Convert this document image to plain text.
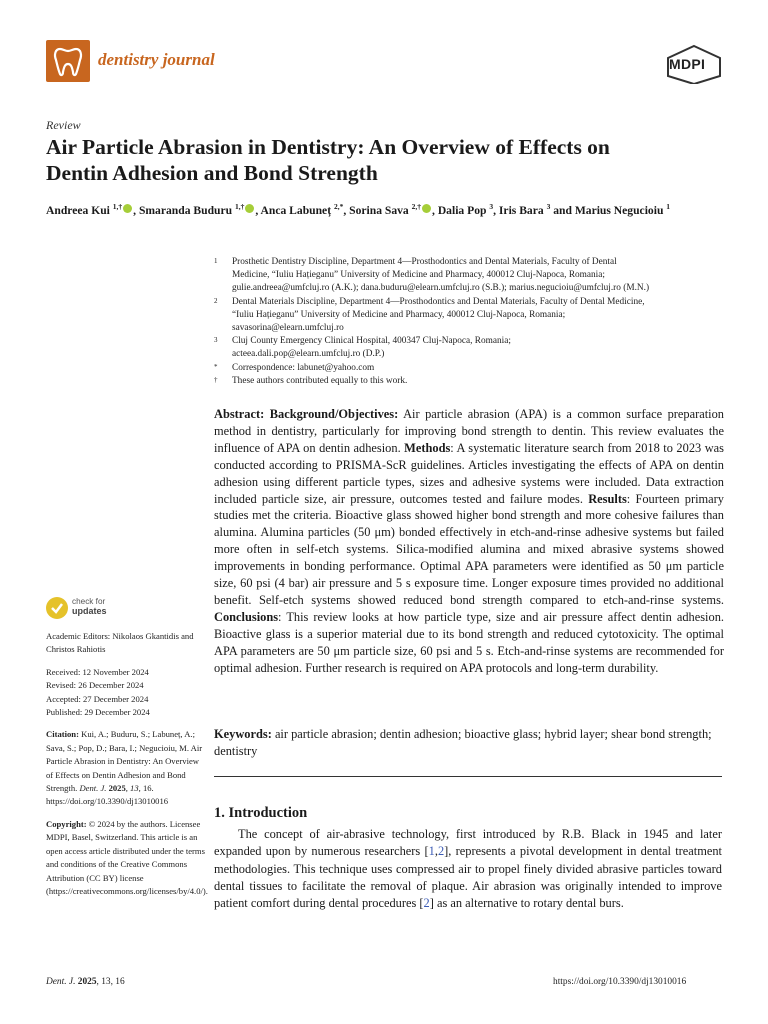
dentistry journal	MDPI
Review
Air Particle Abrasion in Dentistry: An Overview of Effects on
Dentin Adhesion and Bond Strength
Andreea Kui $^{1,\dagger}$ , Smaranda Buduru $^{1,\dagger}$ , Anca Labuneț $^{2,*}$, Sorina Sava $^{2,\dagger}$ , Dalia Pop $^3$, Iris Bara $^3$ and Marius Negucioiu $^1$
1 Prosthetic Dentistry Discipline, Department 4—Prosthodontics and Dental Materials, Faculty of Dental
Medicine, “Iuliu Hațieganu” University of Medicine and Pharmacy, 400012 Cluj-Napoca, Romania;
gulie.andreea@umfcluj.ro (A.K.); dana.buduru@elearn.umfcluj.ro (S.B.); marius.negucioiu@umfcluj.ro (M.N.)
2 Dental Materials Discipline, Department 4—Prosthodontics and Dental Materials, Faculty of Dental Medicine,
“Iuliu Hațieganu” University of Medicine and Pharmacy, 400012 Cluj-Napoca, Romania;
savasorina@elearn.umfcluj.ro
3 Cluj County Emergency Clinical Hospital, 400347 Cluj-Napoca, Romania;
acteea.dali.pop@elearn.umfcluj.ro (D.P.)
* Correspondence: labunet@yahoo.com
† These authors contributed equally to this work.
Abstract: Background/Objectives: Air particle abrasion (APA) is a common surface preparation method in dentistry, particularly for improving bond strength to dentin. This review evaluates the influence of APA on dentin adhesion. Methods: A systematic literature search from 2018 to 2023 was conducted according to PRISMA-ScR guidelines. Articles investigating the effects of APA on dentin adhesion using different particle types, sizes and adhesive systems were included. Data extraction included particle size, air pressure, outcomes tested and failure modes. Results: Fourteen primary studies met the criteria. Bioactive glass showed higher bond strength and more cohesive failures than alumina. Alumina particles (50 μm) bonded effectively in etch-and-rinse adhesive systems but failed more often in self-etch systems. Silica-modified alumina and mixed abrasive systems showed improvements in bonding performance. Optimal APA parameters were identified as 50 μm particle size, 60 psi (4 bar) air pressure and 5 s exposure time. Longer exposure times provided no additional benefit. Self-etch systems showed reduced bond strength compared to etch-and-rinse systems. Conclusions: This review looks at how particle type, size and air pressure affect dentin adhesion. Bioactive glass is a superior material due to its bond strength and reduced cytotoxicity. The optimal APA parameters are 50 μm particle size, 60 psi and 5 s. Etch-and-rinse systems are recommended for optimal adhesion. Further research is required on APA protocols and long-term durability.
Keywords: air particle abrasion; dentin adhesion; bioactive glass; hybrid layer; shear bond strength; dentistry
1. Introduction
The concept of air-abrasive technology, first introduced by R.B. Black in 1945 and later expanded upon by numerous researchers [1,2], represents a pivotal development in dental treatment methodologies. This technique uses compressed air to propel finely divided abrasive particles toward dental tissues to facilitate the removal of plaque. Air abrasion was originally intended to improve patient comfort during dental procedures [2] as an alternative to rotary dental burs.
check for
updates

Academic Editors: Nikolaos Gkantidis and Christos Rahiotis

Received: 12 November 2024
Revised: 26 December 2024
Accepted: 27 December 2024
Published: 29 December 2024

Citation: Kui, A.; Buduru, S.; Labuneț, A.; Sava, S.; Pop, D.; Bara, I.; Negucioiu, M. Air Particle Abrasion in Dentistry: An Overview of Effects on Dentin Adhesion and Bond Strength. Dent. J. 2025, 13, 16. https://doi.org/10.3390/dj13010016

Copyright: © 2024 by the authors. Licensee MDPI, Basel, Switzerland. This article is an open access article distributed under the terms and conditions of the Creative Commons Attribution (CC BY) license (https://creativecommons.org/licenses/by/4.0/).

Dent. J. 2025, 13, 16	https://doi.org/10.3390/dj13010016
